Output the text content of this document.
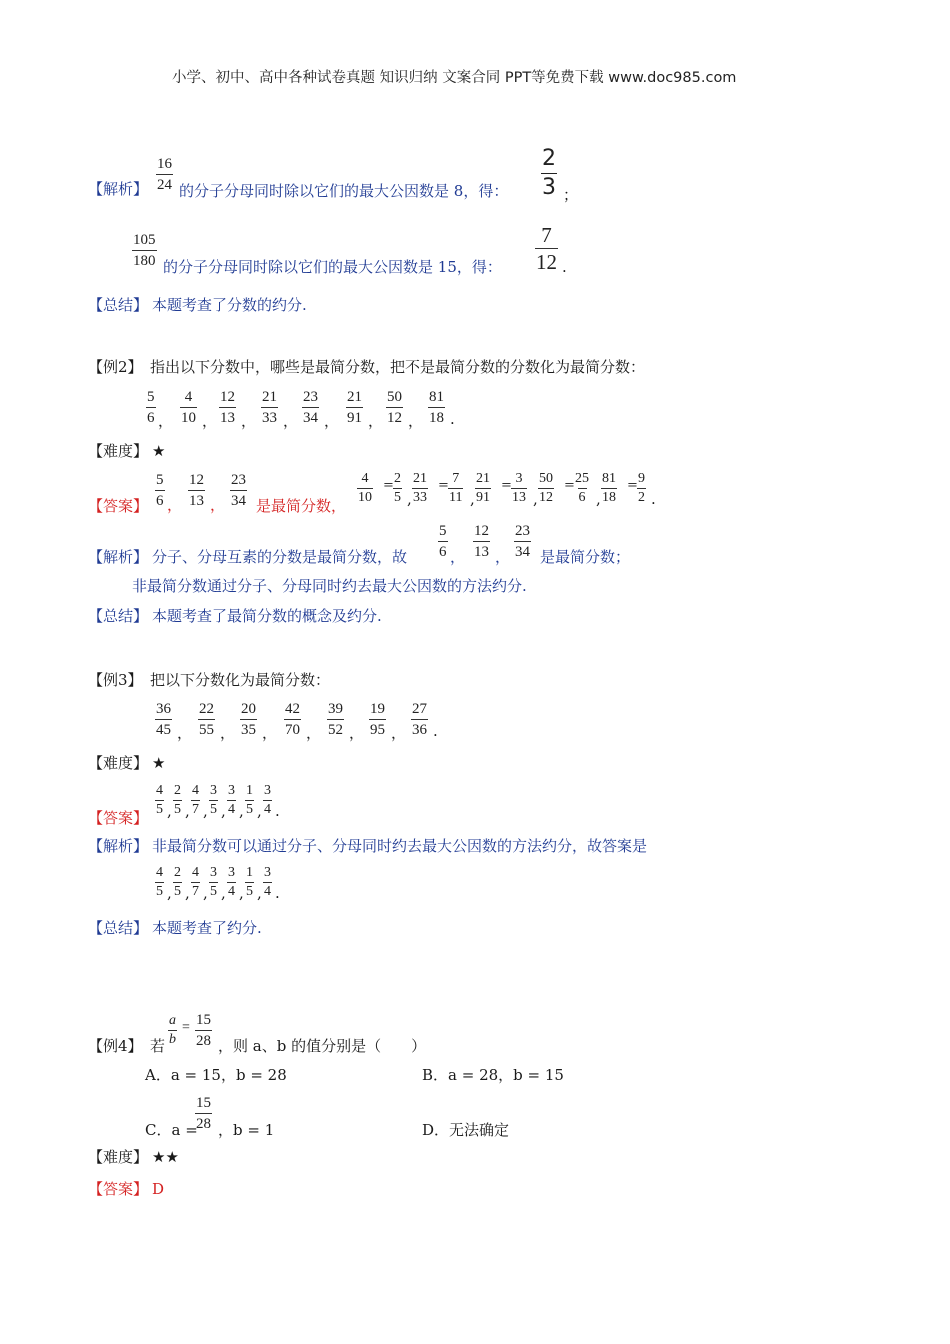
小学、初中、高中各种试卷真题 知识归纳 文案合同 PPT等免费下载 www.doc985.com
【解析】
16
24 的分子分母同时除以它们的最大公因数是 8，得：
2
3 ；
105
180 的分子分母同时除以它们的最大公因数是 15，得：
7
12 .
【总结】 本题考查了分数的约分.
【例2】 指出以下分数中，哪些是最简分数，把不是最简分数的分数化为最简分数：
5
6 ，
4
10 ，
12
13 ，
21
33 ，
23
34 ，
21
91 ，
50
12 ，
81
18 .
【难度】 ★
【答案】
5
6 ，
12
13 ，
23
34 是最简分数，
4
10
= 2
5 ,
21
33
= 7
11 ,
21
91
= 3
13 ,
50
12
= 25
6 ,
81
18
= 9
2 .
【解析】 分子、分母互素的分数是最简分数，故
5
6 ，
12
13 ，
23
34 是最简分数；
非最简分数通过分子、分母同时约去最大公因数的方法约分.
【总结】 本题考查了最简分数的概念及约分.
【例3】 把以下分数化为最简分数：
36
45 ，
22
55 ，
20
35 ，
42
70 ，
39
52 ，
19
95 ，
27
36 .
【难度】 ★
【答案】
4
5 ,
2
5 ,
4
7 ,
3
5 ,
3
4 ,
1
5 ,
3
4 .
【解析】 非最简分数可以通过分子、分母同时约去最大公因数的方法约分，故答案是
4
5 ,
2
5 ,
4
7 ,
3
5 ,
3
4 ,
1
5 ,
3
4 .
【总结】 本题考查了约分.
【例4】 若
a
b
= 15
28 ，则 a、b 的值分别是（　　）
A．a = 15，b = 28	B．a = 28，b = 15
C．a =
15
28 ，b = 1	D．无法确定
【难度】 ★★
【答案】 D
